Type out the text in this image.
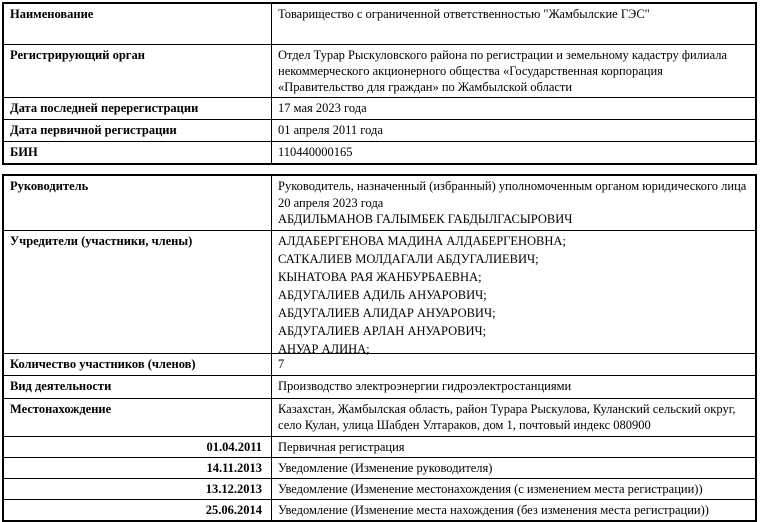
Наименование	Товарищество с ограниченной ответственностью "Жамбылские ГЭС"
Регистрирующий орган	Отдел Турар Рыскуловского района по регистрации и земельному кадастру филиала некоммерческого акционерного общества «Государственная корпорация «Правительство для граждан» по Жамбылской области
Дата последней перерегистрации	17 мая 2023 года
Дата первичной регистрации	01 апреля 2011 года
БИН	110440000165
Руководитель	Руководитель, назначенный (избранный) уполномоченным органом юридического лица
20 апреля 2023 года
АБДИЛЬМАНОВ ГАЛЫМБЕК ГАБДЫЛГАСЫРОВИЧ

Учредители (участники, члены)	АЛДАБЕРГЕНОВА МАДИНА АЛДАБЕРГЕНОВНА;
САТКАЛИЕВ МОЛДАГАЛИ АБДУГАЛИЕВИЧ;
КЫНАТОВА РАЯ ЖАНБУРБАЕВНА;
АБДУГАЛИЕВ АДИЛЬ АНУАРОВИЧ;
АБДУГАЛИЕВ АЛИДАР АНУАРОВИЧ;
АБДУГАЛИЕВ АРЛАН АНУАРОВИЧ;
АНУАР АЛИНА;

Количество участников (членов)	7
Вид деятельности	Производство электроэнергии гидроэлектростанциями
Местонахождение	Казахстан, Жамбылская область, район Турара Рыскулова, Куланский сельский округ, село Кулан, улица Шабден Ултараков, дом 1, почтовый индекс 080900
01.04.2011	Первичная регистрация
14.11.2013	Уведомление (Изменение руководителя)
13.12.2013	Уведомление (Изменение местонахождения (с изменением места регистрации))
25.06.2014	Уведомление (Изменение места нахождения (без изменения места регистрации))
